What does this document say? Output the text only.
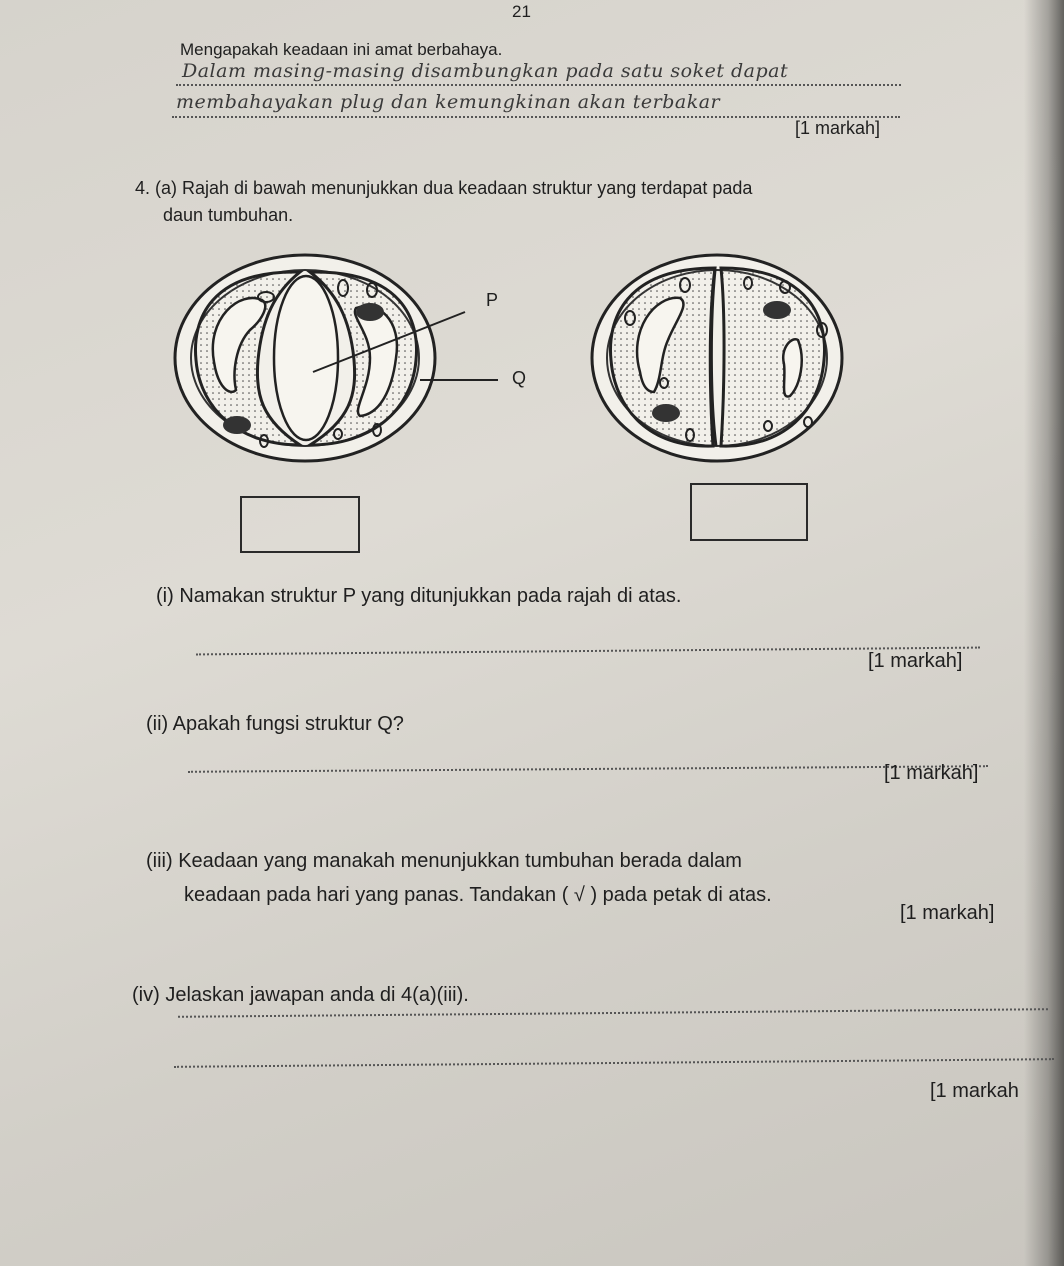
21
Mengapakah keadaan ini amat berbahaya.
Dalam masing-masing disambungkan pada satu soket dapat
membahayakan plug dan kemungkinan akan terbakar
[1 markah]
4. (a) Rajah di bawah menunjukkan dua keadaan struktur yang terdapat pada
daun tumbuhan.
P
Q
(i) Namakan struktur P yang ditunjukkan pada rajah di atas.
[1 markah]
(ii) Apakah fungsi struktur Q?
[1 markah]
(iii) Keadaan yang manakah menunjukkan tumbuhan berada dalam
keadaan pada hari yang panas. Tandakan ( √ ) pada petak di atas.
[1 markah]
(iv) Jelaskan jawapan anda di 4(a)(iii).
[1 markah
